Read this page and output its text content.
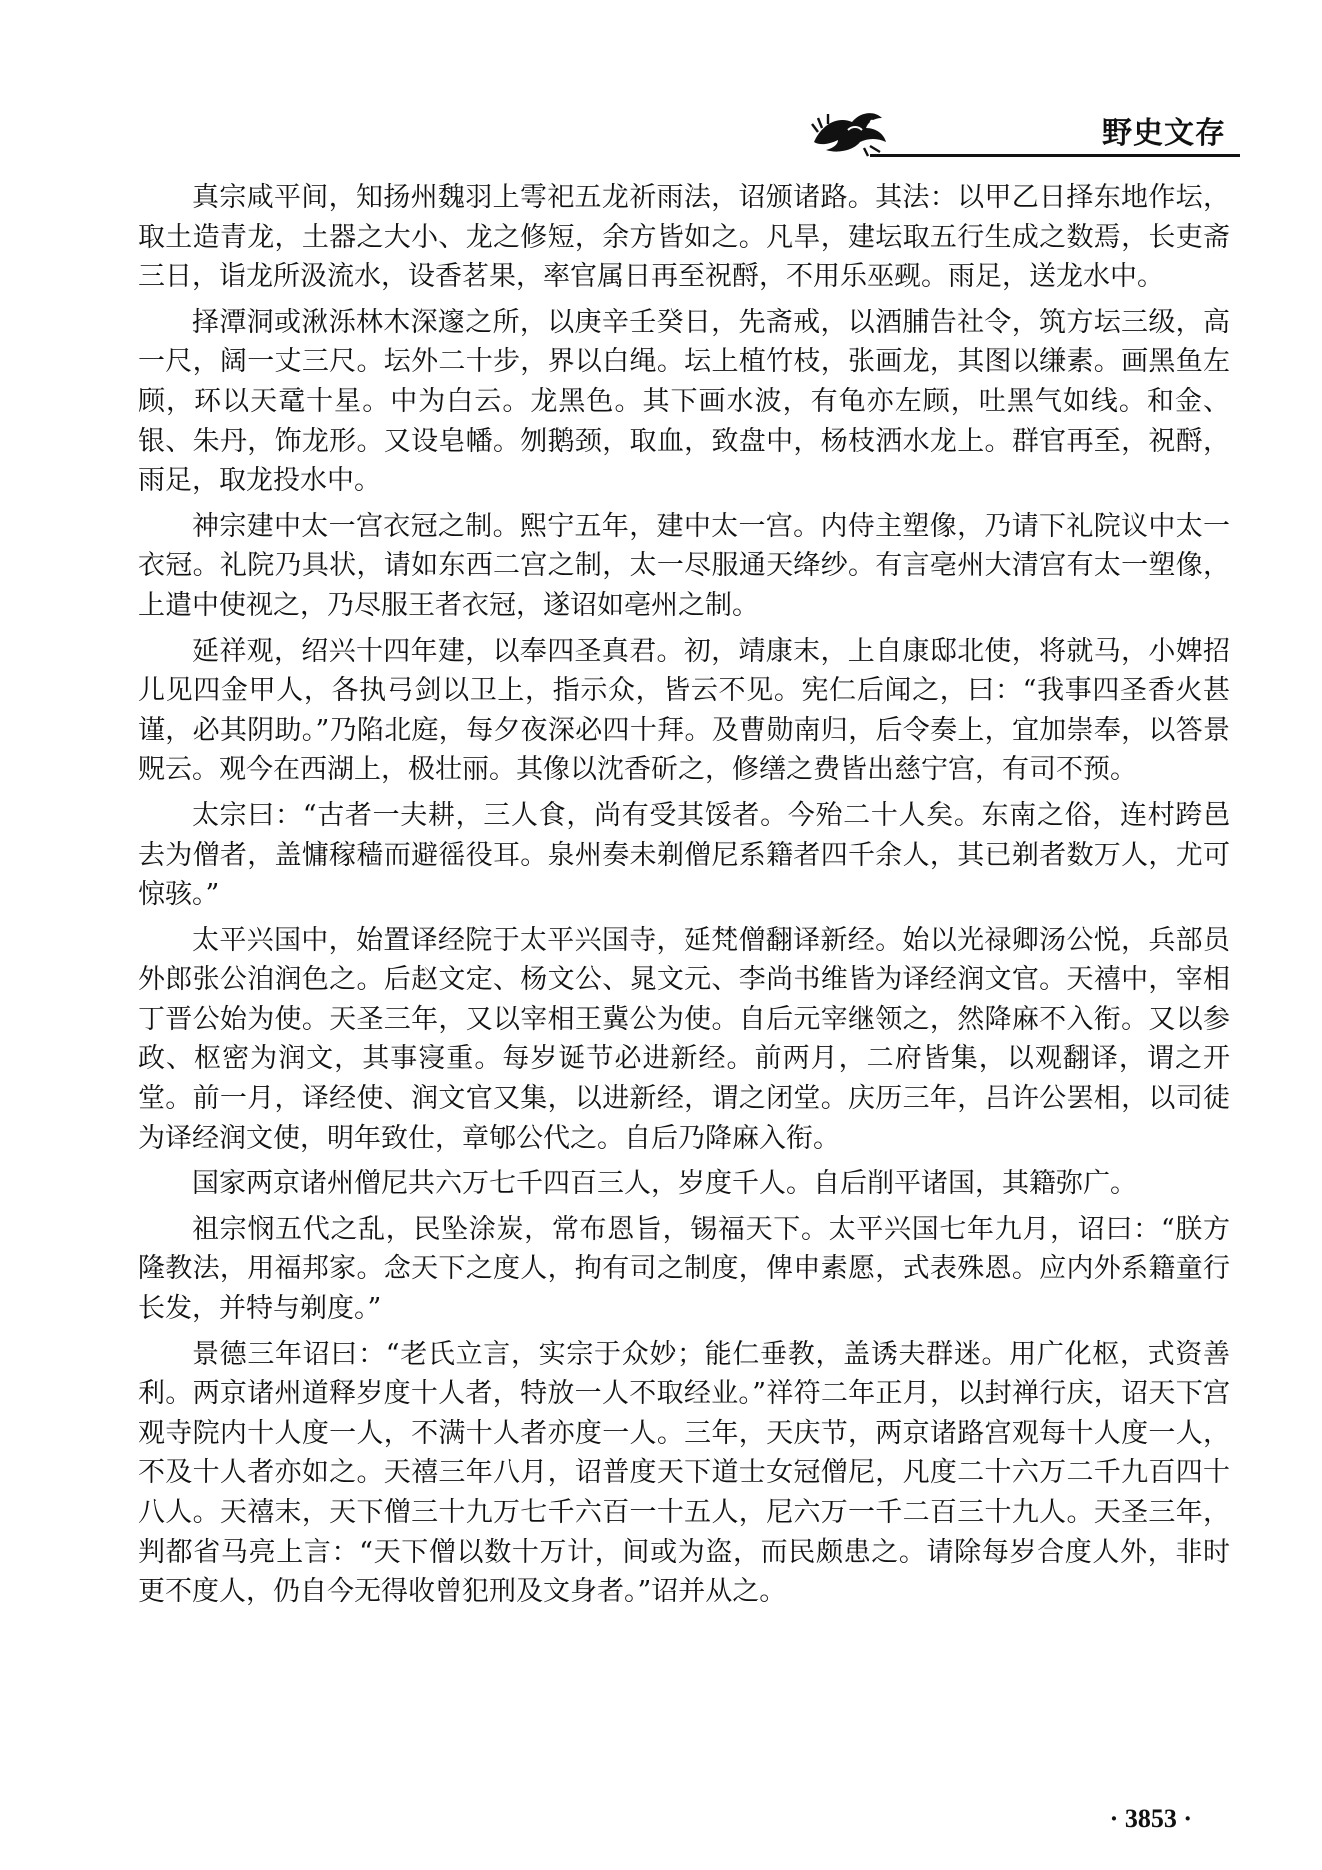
野史文存

真宗咸平间，知扬州魏羽上雩祀五龙祈雨法，诏颁诸路。其法：以甲乙日择东地作坛，取土造青龙，土器之大小、龙之修短，余方皆如之。凡旱，建坛取五行生成之数焉，长吏斋三日，诣龙所汲流水，设香茗果，率官属日再至祝酹，不用乐巫觋。雨足，送龙水中。

择潭洞或湫泺林木深邃之所，以庚辛壬癸日，先斋戒，以酒脯告社令，筑方坛三级，高一尺，阔一丈三尺。坛外二十步，界以白绳。坛上植竹枝，张画龙，其图以缣素。画黑鱼左顾，环以天鼋十星。中为白云。龙黑色。其下画水波，有龟亦左顾，吐黑气如线。和金、银、朱丹，饰龙形。又设皂幡。刎鹅颈，取血，致盘中，杨枝洒水龙上。群官再至，祝酹，雨足，取龙投水中。

神宗建中太一宫衣冠之制。熙宁五年，建中太一宫。内侍主塑像，乃请下礼院议中太一衣冠。礼院乃具状，请如东西二宫之制，太一尽服通天绛纱。有言亳州大清宫有太一塑像，上遣中使视之，乃尽服王者衣冠，遂诏如亳州之制。

延祥观，绍兴十四年建，以奉四圣真君。初，靖康末，上自康邸北使，将就马，小婢招儿见四金甲人，各执弓剑以卫上，指示众，皆云不见。宪仁后闻之，曰：“我事四圣香火甚谨，必其阴助。”乃陷北庭，每夕夜深必四十拜。及曹勋南归，后令奏上，宜加崇奉，以答景贶云。观今在西湖上，极壮丽。其像以沈香斫之，修缮之费皆出慈宁宫，有司不预。

太宗曰：“古者一夫耕，三人食，尚有受其馁者。今殆二十人矣。东南之俗，连村跨邑去为僧者，盖慵稼穑而避徭役耳。泉州奏未剃僧尼系籍者四千余人，其已剃者数万人，尤可惊骇。”

太平兴国中，始置译经院于太平兴国寺，延梵僧翻译新经。始以光禄卿汤公悦，兵部员外郎张公洎润色之。后赵文定、杨文公、晁文元、李尚书维皆为译经润文官。天禧中，宰相丁晋公始为使。天圣三年，又以宰相王冀公为使。自后元宰继领之，然降麻不入衔。又以参政、枢密为润文，其事寖重。每岁诞节必进新经。前两月，二府皆集，以观翻译，谓之开堂。前一月，译经使、润文官又集，以进新经，谓之闭堂。庆历三年，吕许公罢相，以司徒为译经润文使，明年致仕，章郇公代之。自后乃降麻入衔。

国家两京诸州僧尼共六万七千四百三人，岁度千人。自后削平诸国，其籍弥广。

祖宗悯五代之乱，民坠涂炭，常布恩旨，锡福天下。太平兴国七年九月，诏曰：“朕方隆教法，用福邦家。念天下之度人，拘有司之制度，俾申素愿，式表殊恩。应内外系籍童行长发，并特与剃度。”

景德三年诏曰：“老氏立言，实宗于众妙；能仁垂教，盖诱夫群迷。用广化枢，式资善利。两京诸州道释岁度十人者，特放一人不取经业。”祥符二年正月，以封禅行庆，诏天下宫观寺院内十人度一人，不满十人者亦度一人。三年，天庆节，两京诸路宫观每十人度一人，不及十人者亦如之。天禧三年八月，诏普度天下道士女冠僧尼，凡度二十六万二千九百四十八人。天禧末，天下僧三十九万七千六百一十五人，尼六万一千二百三十九人。天圣三年，判都省马亮上言：“天下僧以数十万计，间或为盗，而民颇患之。请除每岁合度人外，非时更不度人，仍自今无得收曾犯刑及文身者。”诏并从之。

· 3853 ·
